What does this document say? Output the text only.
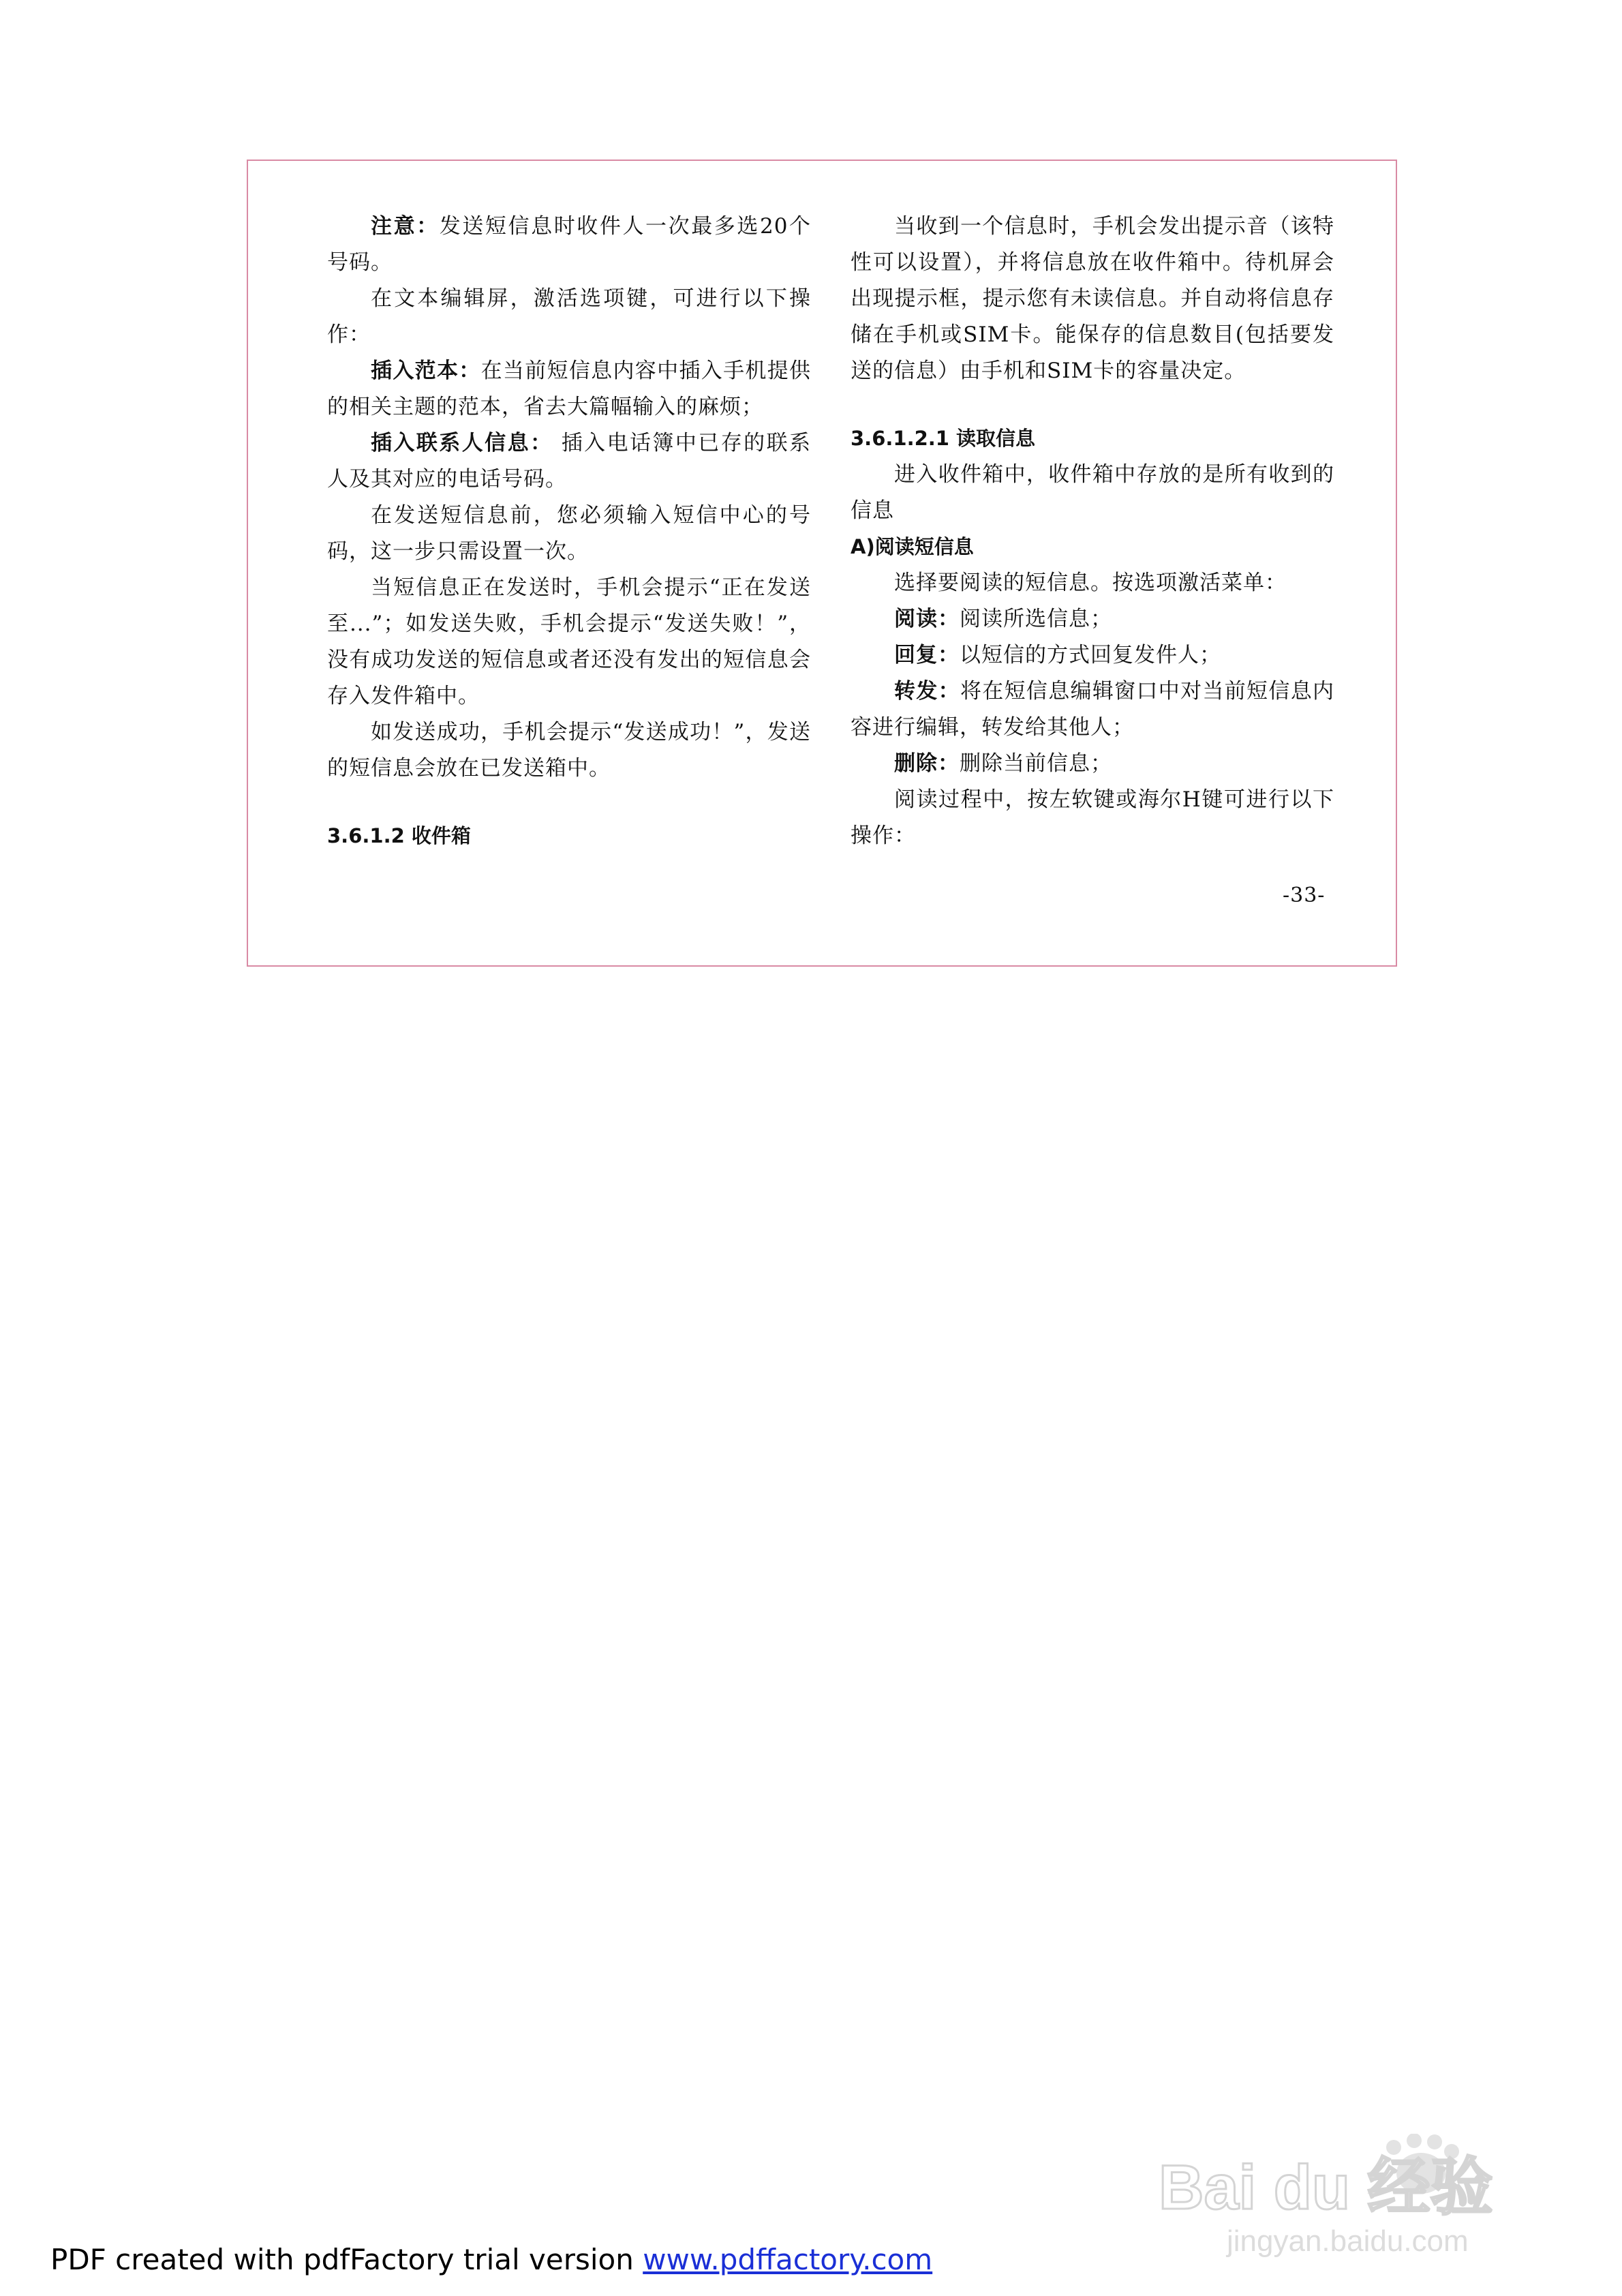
注意：发送短信息时收件人一次最多选20个号码。

在文本编辑屏，激活选项键，可进行以下操作：

插入范本：在当前短信息内容中插入手机提供的相关主题的范本，省去大篇幅输入的麻烦；

插入联系人信息： 插入电话簿中已存的联系人及其对应的电话号码。

在发送短信息前，您必须输入短信中心的号码，这一步只需设置一次。

当短信息正在发送时，手机会提示“正在发送至...”；如发送失败，手机会提示“发送失败！”，没有成功发送的短信息或者还没有发出的短信息会存入发件箱中。

如发送成功，手机会提示“发送成功！”，发送的短信息会放在已发送箱中。

3.6.1.2 收件箱

当收到一个信息时，手机会发出提示音（该特性可以设置），并将信息放在收件箱中。待机屏会出现提示框，提示您有未读信息。并自动将信息存储在手机或SIM卡。能保存的信息数目(包括要发送的信息）由手机和SIM卡的容量决定。

3.6.1.2.1 读取信息

进入收件箱中，收件箱中存放的是所有收到的信息

A)阅读短信息

选择要阅读的短信息。按选项激活菜单：

阅读：阅读所选信息；

回复：以短信的方式回复发件人；

转发：将在短信息编辑窗口中对当前短信息内容进行编辑，转发给其他人；

删除：删除当前信息；

阅读过程中，按左软键或海尔H键可进行以下操作：

-33-
Bai du 经验
jingyan.baidu.com
PDF created with pdfFactory trial version www.pdffactory.com
